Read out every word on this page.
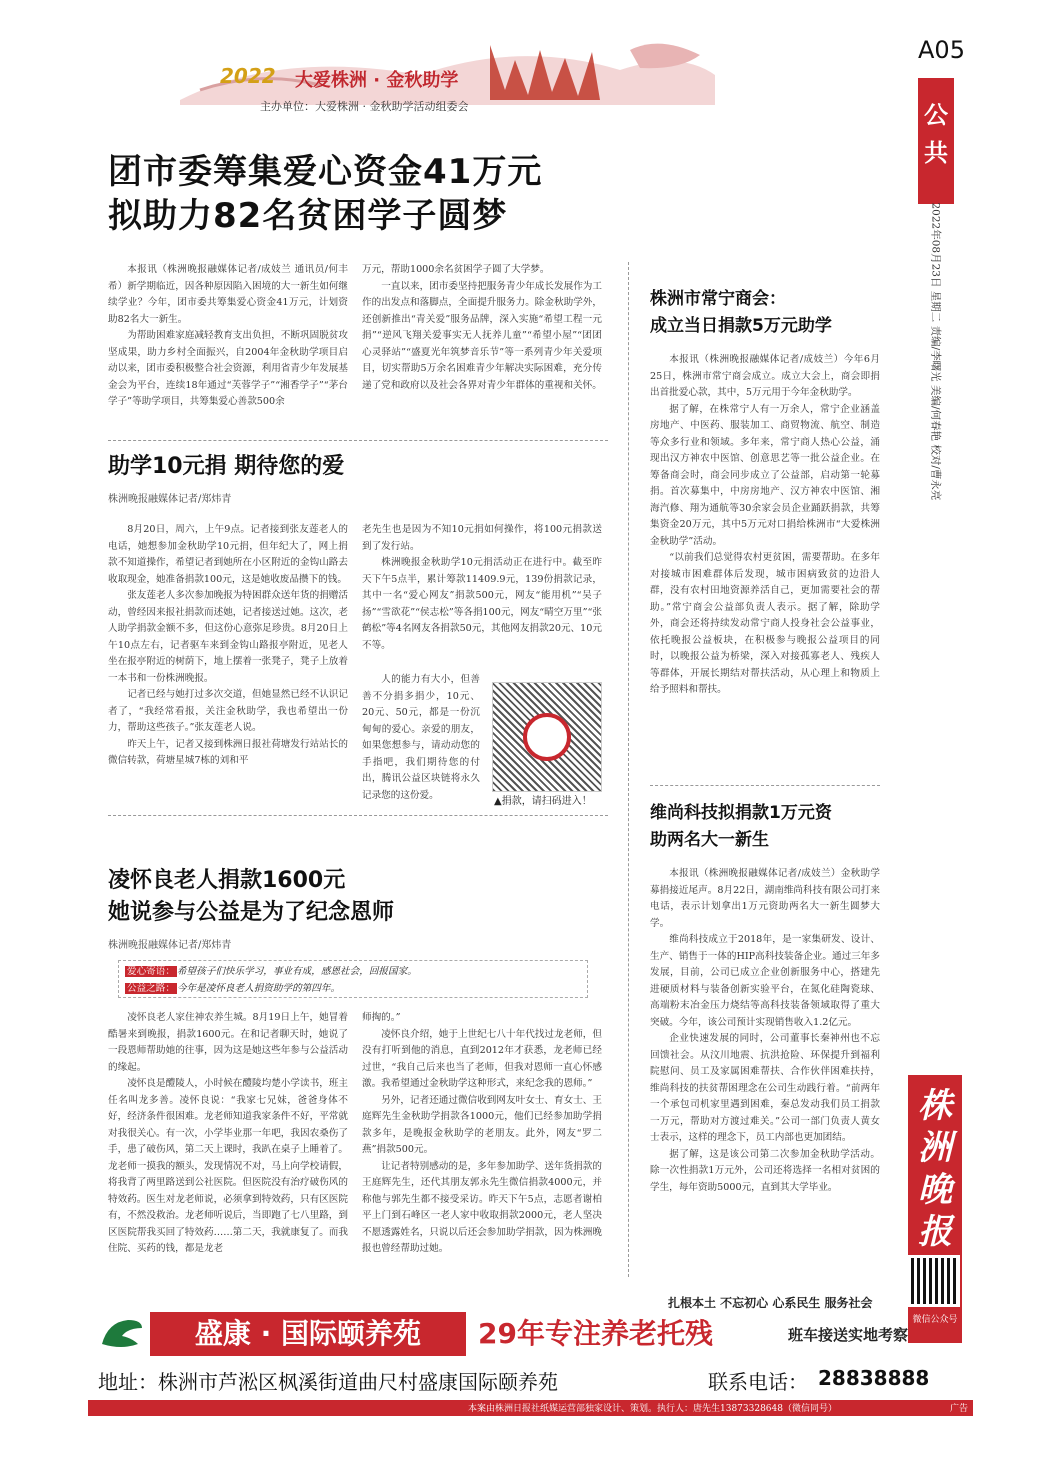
2022 大爱株洲 · 金秋助学
主办单位：大爱株洲 · 金秋助学活动组委会
A05
公共
2022年08月23日 星期二 责编/李曙光 美编/何春艳 校对/曹永亮
团市委筹集爱心资金41万元
拟助力82名贫困学子圆梦

本报讯（株洲晚报融媒体记者/成妓兰 通讯员/何丰希）新学期临近，因各种原因陷入困境的大一新生如何继续学业？今年，团市委共筹集爱心资金41万元，计划资助82名大一新生。

为帮助困难家庭减轻教育支出负担，不断巩固脱贫攻坚成果，助力乡村全面振兴，自2004年金秋助学项目启动以来，团市委积极整合社会资源，利用省青少年发展基金会为平台，连续18年通过“芙蓉学子”“湘香学子”“茅台学子”等助学项目，共筹集爱心善款500余

万元，帮助1000余名贫困学子圆了大学梦。

一直以来，团市委坚持把服务青少年成长发展作为工作的出发点和落脚点，全面提升服务力。除金秋助学外，还创新推出“青关爱”服务品牌，深入实施“希望工程一元捐”“逆风飞翔关爱事实无人抚养儿童”“希望小屋”“团团心灵驿站”“盛夏光年筑梦音乐节”等一系列青少年关爱项目，切实帮助5万余名困难青少年解决实际困难，充分传递了党和政府以及社会各界对青少年群体的重视和关怀。

助学10元捐 期待您的爱
株洲晚报融媒体记者/郑炜青

8月20日，周六，上午9点。记者接到张友莲老人的电话，她想参加金秋助学10元捐，但年纪大了，网上捐款不知道操作，希望记者到她所在小区附近的金钩山路去收取现金，她准备捐款100元，这是她收废品攒下的钱。

张友莲老人多次参加晚报为特困群众送年货的捐赠活动，曾经因来报社捐款而述她，记者接送过她。这次，老人助学捐款金额不多，但这份心意弥足珍贵。8月20日上午10点左右，记者驱车来到金钩山路报亭附近，见老人坐在报亭附近的树荫下，地上摆着一张凳子，凳子上放着一本书和一份株洲晚报。

记者已经与她打过多次交道，但她显然已经不认识记者了，“我经常看报，关注金秋助学，我也希望出一份力，帮助这些孩子。”张友莲老人说。

昨天上午，记者又接到株洲日报社荷塘发行站站长的微信转款，荷塘星城7栋的刘和平

老先生也是因为不知10元捐如何操作，将100元捐款送到了发行站。

株洲晚报金秋助学10元捐活动正在进行中。截至昨天下午5点半，累计筹款11409.9元，139份捐款记录，其中一名“爱心网友”捐款500元，网友“能用机”“吴子扬”“雪欲花”“侯志松”等各捐100元，网友“晴空万里”“张鹤松”等4名网友各捐款50元，其他网友捐款20元、10元不等。

人的能力有大小，但善善不分捐多捐少，10元、20元、50元，都是一份沉甸甸的爱心。亲爱的朋友，如果您想参与，请动动您的手指吧，我们期待您的付出，腾讯公益区块链将永久记录您的这份爱。

▲捐款，请扫码进入！
凌怀良老人捐款1600元
她说参与公益是为了纪念恩师
株洲晚报融媒体记者/郑炜青
爱心寄语： 希望孩子们快乐学习，事业有成，感恩社会，回报国家。
公益之路： 今年是凌怀良老人捐资助学的第四年。

凌怀良老人家住神农养生城。8月19日上午，她冒着酷暑来到晚报，捐款1600元。在和记者聊天时，她说了一段恩师帮助她的往事，因为这是她这些年参与公益活动的缘起。

凌怀良是醴陵人，小时候在醴陵均楚小学读书，班主任名叫龙多善。凌怀良说：“我家七兄妹，爸爸身体不好，经济条件很困难。龙老师知道我家条件不好，平常就对我很关心。有一次，小学毕业那一年吧，我因农桑伤了手，患了破伤风，第二天上课时，我趴在桌子上睡着了。龙老师一摸我的额头，发现情况不对，马上向学校请假，将我背了两里路送到公社医院。但医院没有治疗破伤风的特效药。医生对龙老师说，必须拿到特效药，只有区医院有，不然没救治。龙老师听说后，当即跑了七八里路，到区医院帮我买回了特效药……第二天，我就康复了。而我住院、买药的钱，都是龙老

师掏的。”

凌怀良介绍，她于上世纪七八十年代找过龙老师，但没有打听到他的消息，直到2012年才获悉，龙老师已经过世，“我自己后来也当了老师，但我对恩师一直心怀感激。我希望通过金秋助学这种形式，来纪念我的恩师。”

另外，记者还通过微信收到网友叶女士、育女士、王庭辉先生金秋助学捐款各1000元，他们已经参加助学捐款多年，是晚报金秋助学的老朋友。此外，网友“罗二燕”捐款500元。

让记者特别感动的是，多年参加助学、送年货捐款的王庭辉先生，还代其朋友郭永先生微信捐款4000元，并称他与郭先生都不接受采访。昨天下午5点，志愿者谢柏平上门到石峰区一老人家中收取捐款2000元，老人坚决不愿透露姓名，只说以后还会参加助学捐款，因为株洲晚报也曾经帮助过她。

株洲市常宁商会：
成立当日捐款5万元助学

本报讯（株洲晚报融媒体记者/成妓兰）今年6月25日，株洲市常宁商会成立。成立大会上，商会即捐出首批爱心款，其中，5万元用于今年金秋助学。

据了解，在株常宁人有一万余人，常宁企业涵盖房地产、中医药、服装加工、商贸物流、航空、制造等众多行业和领域。多年来，常宁商人热心公益，涌现出汉方神农中医馆、创意思艺等一批公益企业。在筹备商会时，商会同步成立了公益部，启动第一轮募捐。首次募集中，中房房地产、汉方神农中医馆、湘海汽修、翔为通航等30余家会员企业踊跃捐款，共筹集资金20万元，其中5万元对口捐给株洲市“大爱株洲 金秋助学”活动。

“以前我们总觉得农村更贫困，需要帮助。在多年对接城市困难群体后发现，城市困病致贫的边沿人群，没有农村田地资源养活自己，更加需要社会的帮助。”常宁商会公益部负责人表示。据了解，除助学外，商会还将持续发动常宁商人投身社会公益事业，依托晚报公益板块，在积极参与晚报公益项目的同时，以晚报公益为桥梁，深入对接孤寡老人、残疾人等群体，开展长期结对帮扶活动，从心理上和物质上给予照料和帮扶。

维尚科技拟捐款1万元资
助两名大一新生

本报讯（株洲晚报融媒体记者/成妓兰）金秋助学募捐接近尾声。8月22日，湖南维尚科技有限公司打来电话，表示计划拿出1万元资助两名大一新生圆梦大学。

维尚科技成立于2018年，是一家集研发、设计、生产、销售于一体的HIP高科技装备企业。通过三年多发展，目前，公司已成立企业创新服务中心，搭建先进硬质材料与装备创新实验平台，在氮化硅陶瓷球、高端粉末冶金压力烧结等高科技装备领域取得了重大突破。今年，该公司预计实现销售收入1.2亿元。

企业快速发展的同时，公司董事长秦神州也不忘回馈社会。从汶川地震、抗洪抢险、环保提升到福利院慰问、员工及家属困难帮扶、合作伙伴困难扶持，维尚科技的扶贫帮困理念在公司生动践行着。“前两年一个承包司机家里遇到困难，秦总发动我们员工捐款一万元，帮助对方渡过难关。”公司一部门负责人黄女士表示，这样的理念下，员工内部也更加团结。

据了解，这是该公司第二次参加金秋助学活动。除一次性捐款1万元外，公司还将选择一名相对贫困的学生，每年资助5000元，直到其大学毕业。

株洲晚报
微信公众号
扎根本土 不忘初心 心系民生 服务社会
盛康 · 国际颐养苑	29年专注养老托残	班车接送实地考察
地址：株洲市芦淞区枫溪街道曲尺村盛康国际颐养苑	联系电话： 28838888
本案由株洲日报社纸媒运营部独家设计、策划。执行人：唐先生13873328648（微信同号）	广告
